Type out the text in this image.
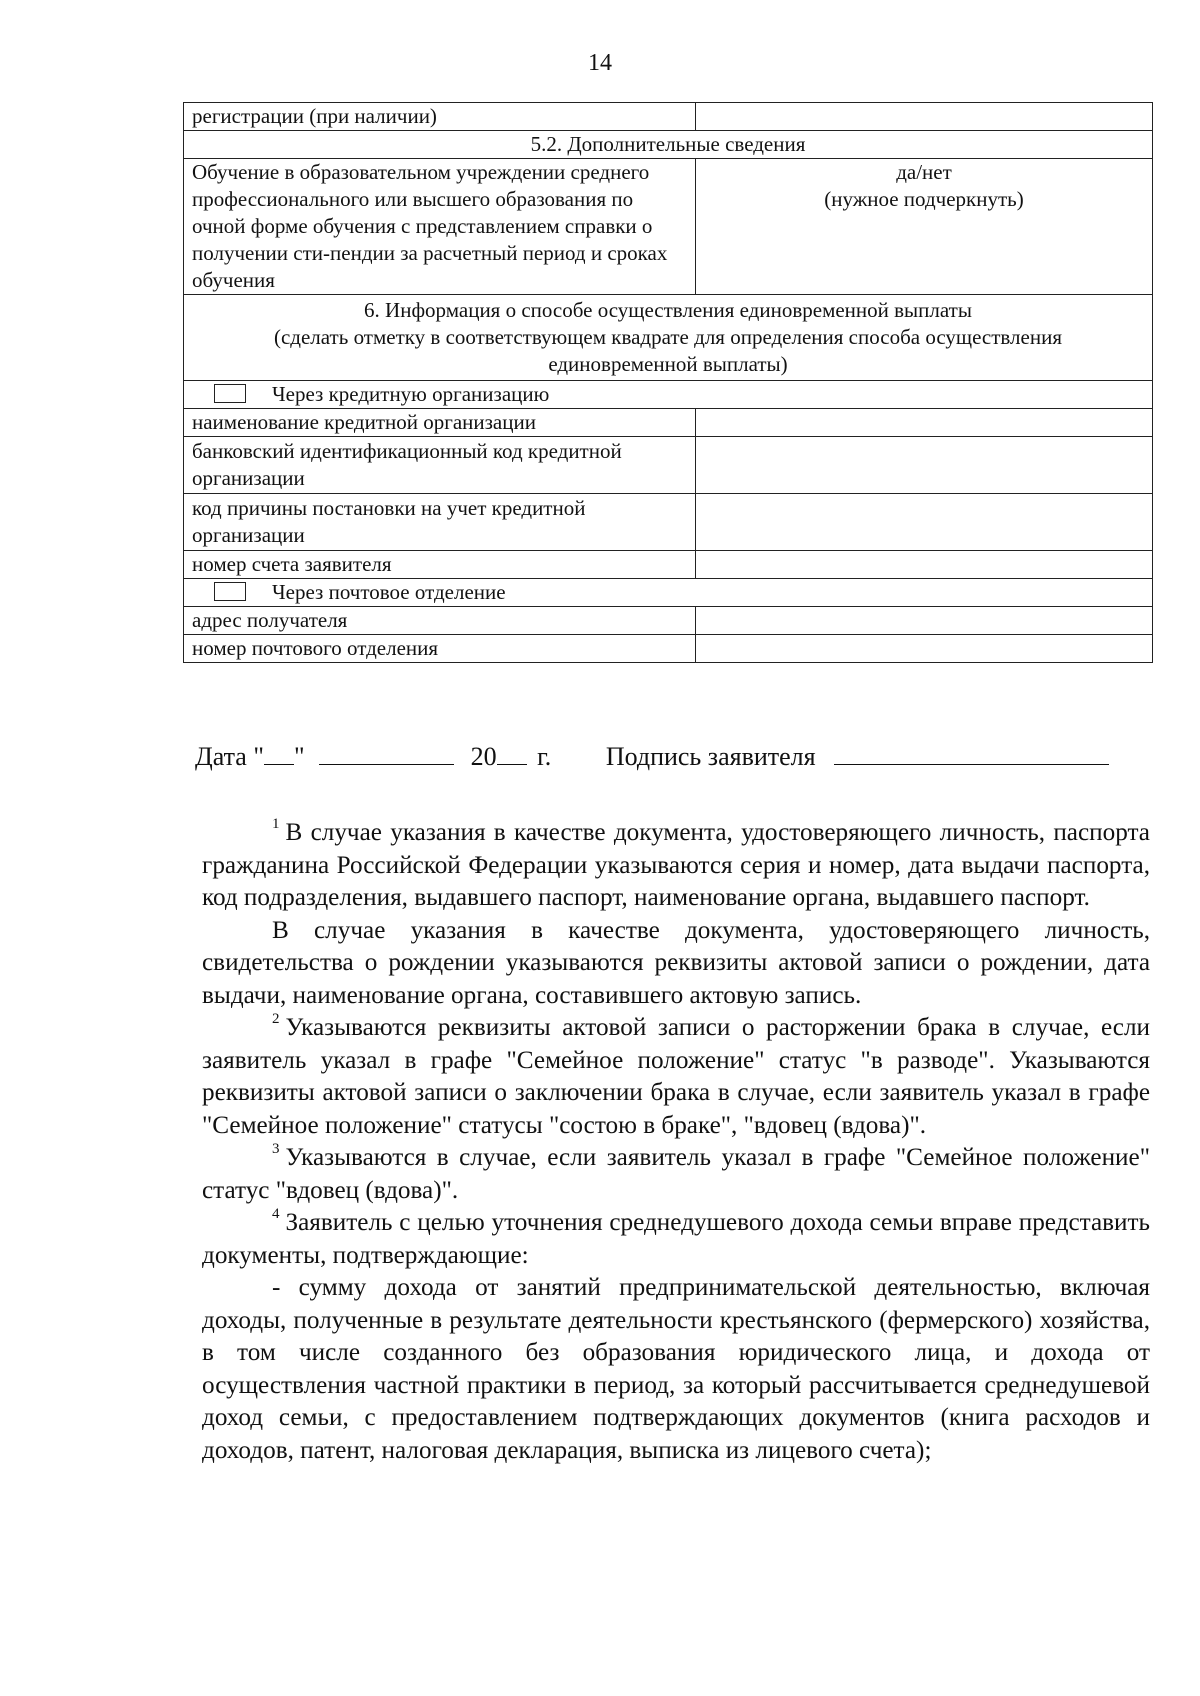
14
регистрации (при наличии)	
5.2. Дополнительные сведения	
Обучение в образовательном учреждении среднего профессионального или высшего образования по очной форме обучения с представлением справки о получении сти-пендии за расчетный период и сроках обучения	да/нет
(нужное подчеркнуть)

6. Информация о способе осуществления единовременной выплаты
(сделать отметку в соответствующем квадрате для определения способа осуществления единовременной выплаты)	

Через кредитную организацию	
наименование кредитной организации	
банковский идентификационный код кредитной организации	
код причины постановки на учет кредитной организации	
номер счета заявителя	
Через почтовое отделение	
адрес получателя	
номер почтового отделения	
Дата " "	20 г. Подпись заявителя

$^1$ В случае указания в качестве документа, удостоверяющего личность, паспорта гражданина Российской Федерации указываются серия и номер, дата выдачи паспорта, код подразделения, выдавшего паспорт, наименование органа, выдавшего паспорт.

В случае указания в качестве документа, удостоверяющего личность, свидетельства о рождении указываются реквизиты актовой записи о рождении, дата выдачи, наименование органа, составившего актовую запись.

$^2$ Указываются реквизиты актовой записи о расторжении брака в случае, если заявитель указал в графе "Семейное положение" статус "в разводе". Указываются реквизиты актовой записи о заключении брака в случае, если заявитель указал в графе "Семейное положение" статусы "состою в браке", "вдовец (вдова)".

$^3$ Указываются в случае, если заявитель указал в графе "Семейное положение" статус "вдовец (вдова)".

$^4$ Заявитель с целью уточнения среднедушевого дохода семьи вправе представить документы, подтверждающие:

- сумму дохода от занятий предпринимательской деятельностью, включая доходы, полученные в результате деятельности крестьянского (фермерского) хозяйства, в том числе созданного без образования юридического лица, и дохода от осуществления частной практики в период, за который рассчитывается среднедушевой доход семьи, с предоставлением подтверждающих документов (книга расходов и доходов, патент, налоговая декларация, выписка из лицевого счета);
